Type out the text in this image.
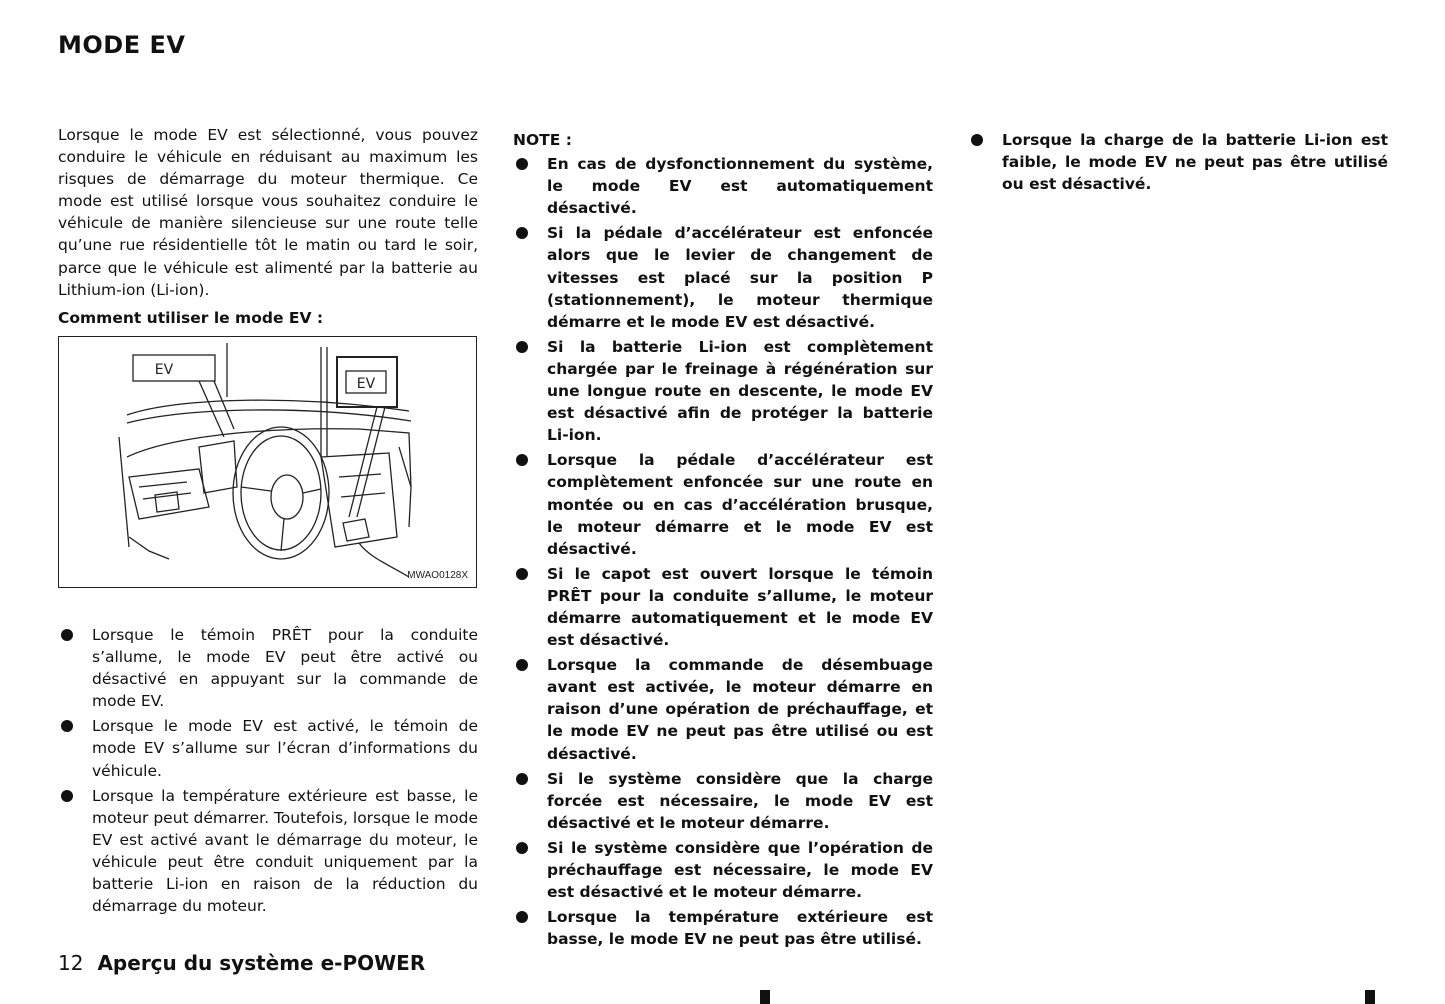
MODE EV

Lorsque le mode EV est sélectionné, vous pouvez conduire le véhicule en réduisant au maximum les risques de démarrage du moteur thermique. Ce mode est utilisé lorsque vous souhaitez conduire le véhicule de manière silencieuse sur une route telle qu’une rue résidentielle tôt le matin ou tard le soir, parce que le véhicule est alimenté par la batterie au Lithium-ion (Li-ion).

Comment utiliser le mode EV :

EV
EV
MWAO0128X
Lorsque le témoin PRÊT pour la conduite s’allume, le mode EV peut être activé ou désactivé en appuyant sur la commande de mode EV.
Lorsque le mode EV est activé, le témoin de mode EV s’allume sur l’écran d’informations du véhicule.
Lorsque la température extérieure est basse, le moteur peut démarrer. Toutefois, lorsque le mode EV est activé avant le démarrage du moteur, le véhicule peut être conduit uniquement par la batterie Li-ion en raison de la réduction du démarrage du moteur.

NOTE :

En cas de dysfonctionnement du système, le mode EV est automatiquement désactivé.
Si la pédale d’accélérateur est enfoncée alors que le levier de changement de vitesses est placé sur la position P (stationnement), le moteur thermique démarre et le mode EV est désactivé.
Si la batterie Li-ion est complètement chargée par le freinage à régénération sur une longue route en descente, le mode EV est désactivé afin de protéger la batterie Li-ion.
Lorsque la pédale d’accélérateur est complètement enfoncée sur une route en montée ou en cas d’accélération brusque, le moteur démarre et le mode EV est désactivé.
Si le capot est ouvert lorsque le témoin PRÊT pour la conduite s’allume, le moteur démarre automatiquement et le mode EV est désactivé.
Lorsque la commande de désembuage avant est activée, le moteur démarre en raison d’une opération de préchauffage, et le mode EV ne peut pas être utilisé ou est désactivé.
Si le système considère que la charge forcée est nécessaire, le mode EV est désactivé et le moteur démarre.
Si le système considère que l’opération de préchauffage est nécessaire, le mode EV est désactivé et le moteur démarre.
Lorsque la température extérieure est basse, le mode EV ne peut pas être utilisé.
Lorsque la charge de la batterie Li-ion est faible, le mode EV ne peut pas être utilisé ou est désactivé.
12 Aperçu du système e-POWER
